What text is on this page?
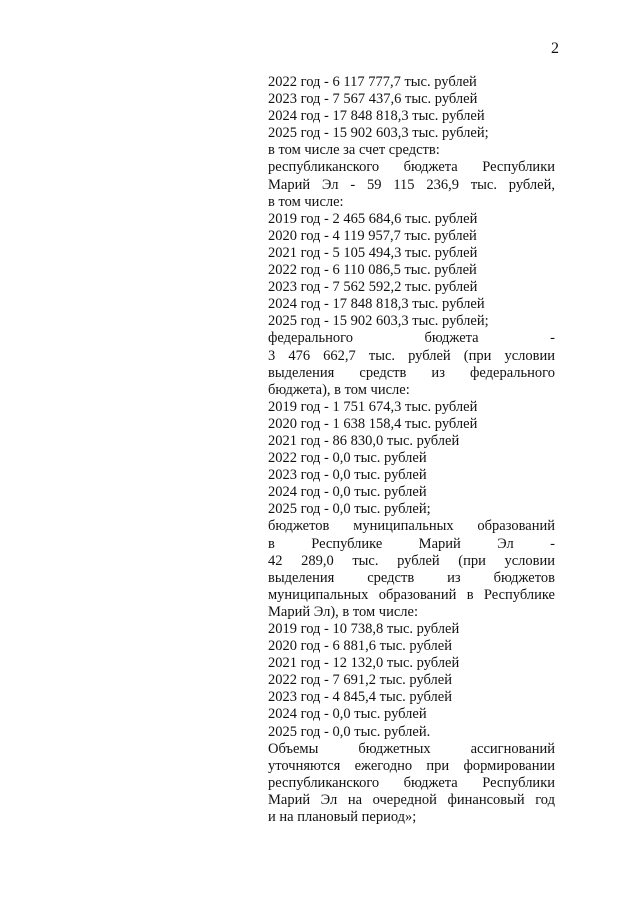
2
2022 год - 6 117 777,7 тыс. рублей
2023 год - 7 567 437,6 тыс. рублей
2024 год - 17 848 818,3 тыс. рублей
2025 год - 15 902 603,3 тыс. рублей;
в том числе за счет средств:
республиканского бюджета Республики
Марий Эл - 59 115 236,9 тыс. рублей,
в том числе:
2019 год - 2 465 684,6 тыс. рублей
2020 год - 4 119 957,7 тыс. рублей
2021 год - 5 105 494,3 тыс. рублей
2022 год - 6 110 086,5 тыс. рублей
2023 год - 7 562 592,2 тыс. рублей
2024 год - 17 848 818,3 тыс. рублей
2025 год - 15 902 603,3 тыс. рублей;
федерального бюджета -
3 476 662,7 тыс. рублей (при условии
выделения средств из федерального
бюджета), в том числе:
2019 год - 1 751 674,3 тыс. рублей
2020 год - 1 638 158,4 тыс. рублей
2021 год - 86 830,0 тыс. рублей
2022 год - 0,0 тыс. рублей
2023 год - 0,0 тыс. рублей
2024 год - 0,0 тыс. рублей
2025 год - 0,0 тыс. рублей;
бюджетов муниципальных образований
в Республике Марий Эл -
42 289,0 тыс. рублей (при условии
выделения средств из бюджетов
муниципальных образований в Республике
Марий Эл), в том числе:
2019 год - 10 738,8 тыс. рублей
2020 год - 6 881,6 тыс. рублей
2021 год - 12 132,0 тыс. рублей
2022 год - 7 691,2 тыс. рублей
2023 год - 4 845,4 тыс. рублей
2024 год - 0,0 тыс. рублей
2025 год - 0,0 тыс. рублей.
Объемы бюджетных ассигнований
уточняются ежегодно при формировании
республиканского бюджета Республики
Марий Эл на очередной финансовый год
и на плановый период»;
